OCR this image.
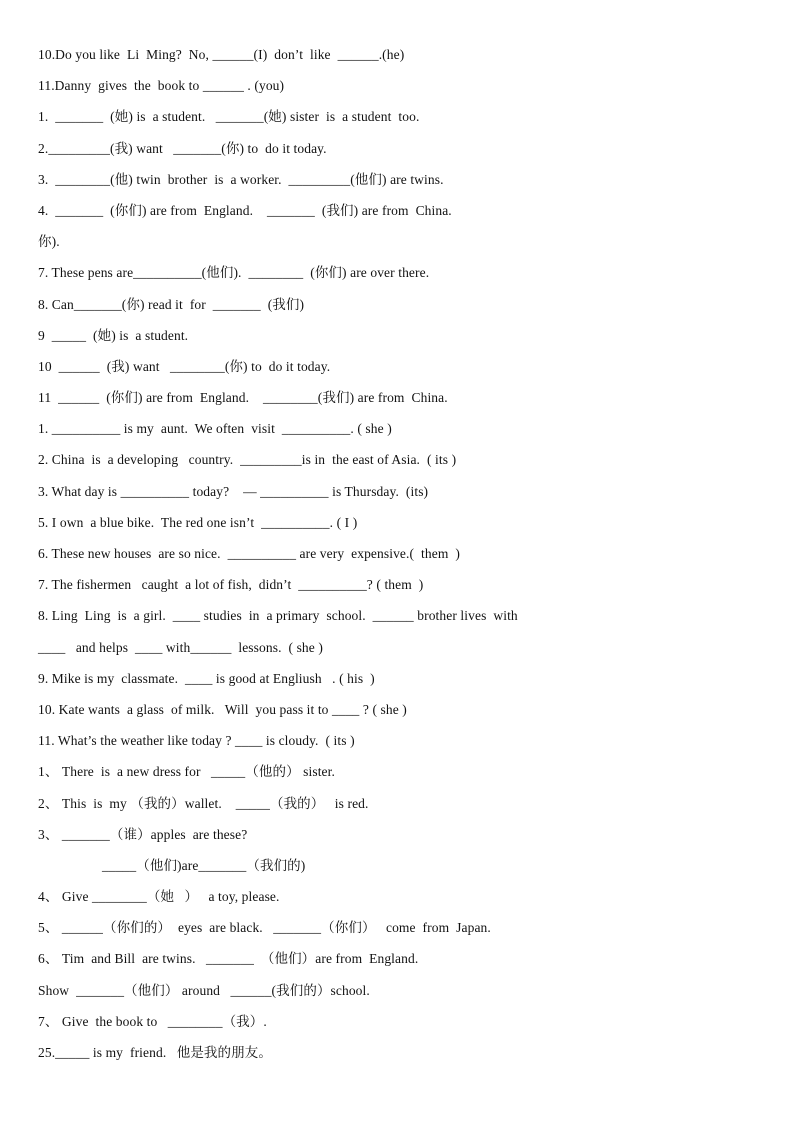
10.Do you like  Li  Ming?  No, ______(I)  don’t  like  ______.(he)
11.Danny  gives  the  book to ______ . (you)
1.  _______  (她) is  a student.   _______(她) sister  is  a student  too.
2._________(我) want   _______(你) to  do it today.
3.  ________(他) twin  brother  is  a worker.  _________(他们) are twins.
4.  _______  (你们) are from  England.    _______  (我们) are from  China.
你).
7. These pens are__________(他们).  ________  (你们) are over there.
8. Can_______(你) read it  for  _______  (我们)
9  _____  (她) is  a student.
10  ______  (我) want   ________(你) to  do it today.
11  ______  (你们) are from  England.    ________(我们) are from  China.
1. __________ is my  aunt.  We often  visit  __________. ( she )
2. China  is  a developing   country.  _________is in  the east of Asia.  ( its )
3. What day is __________ today?    — __________ is Thursday.  (its)
5. I own  a blue bike.  The red one isn’t  __________. ( I )
6. These new houses  are so nice.  __________ are very  expensive.(  them  )
7. The fishermen   caught  a lot of fish,  didn’t  __________? ( them  )
8. Ling  Ling  is  a girl.  ____ studies  in  a primary  school.  ______ brother lives  with
____   and helps  ____ with______  lessons.  ( she )
9. Mike is my  classmate.  ____ is good at Engliush   . ( his  )
10. Kate wants  a glass  of milk.   Will  you pass it to ____ ? ( she )
11. What’s the weather like today ? ____ is cloudy.  ( its )
1、 There  is  a new dress for   _____（他的） sister.
2、 This  is  my （我的）wallet.    _____（我的）   is red.
3、 _______（谁）apples  are these?
_____（他们)are_______（我们的)
4、 Give ________（她   ）   a toy, please.
5、 ______（你们的）  eyes  are black.   _______（你们）   come  from  Japan.
6、 Tim  and Bill  are twins.   _______  （他们）are from  England.
Show  _______（他们） around   ______(我们的）school.
7、 Give  the book to   ________（我）.
25._____ is my  friend.   他是我的朋友。
